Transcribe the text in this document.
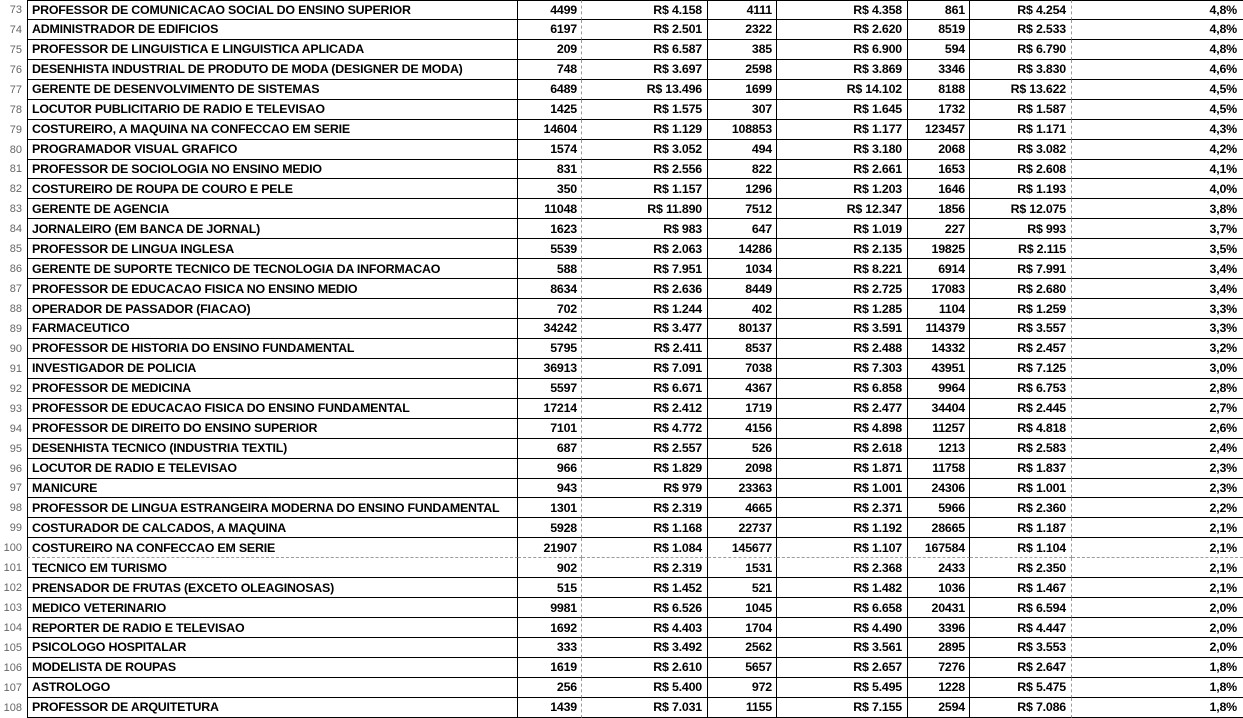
73 PROFESSOR DE COMUNICACAO SOCIAL DO ENSINO SUPERIOR	4499	R$ 4.158	4111	R$ 4.358	861	R$ 4.254	4,8%
74 ADMINISTRADOR DE EDIFICIOS	6197	R$ 2.501	2322	R$ 2.620	8519	R$ 2.533	4,8%
75 PROFESSOR DE LINGUISTICA E LINGUISTICA APLICADA	209	R$ 6.587	385	R$ 6.900	594	R$ 6.790	4,8%
76 DESENHISTA INDUSTRIAL DE PRODUTO DE MODA (DESIGNER DE MODA)	748	R$ 3.697	2598	R$ 3.869	3346	R$ 3.830	4,6%
77 GERENTE DE DESENVOLVIMENTO DE SISTEMAS	6489	R$ 13.496	1699	R$ 14.102	8188	R$ 13.622	4,5%
78 LOCUTOR PUBLICITARIO DE RADIO E TELEVISAO	1425	R$ 1.575	307	R$ 1.645	1732	R$ 1.587	4,5%
79 COSTUREIRO, A MAQUINA NA CONFECCAO EM SERIE	14604	R$ 1.129	108853	R$ 1.177	123457	R$ 1.171	4,3%
80 PROGRAMADOR VISUAL GRAFICO	1574	R$ 3.052	494	R$ 3.180	2068	R$ 3.082	4,2%
81 PROFESSOR DE SOCIOLOGIA NO ENSINO MEDIO	831	R$ 2.556	822	R$ 2.661	1653	R$ 2.608	4,1%
82 COSTUREIRO DE ROUPA DE COURO E PELE	350	R$ 1.157	1296	R$ 1.203	1646	R$ 1.193	4,0%
83 GERENTE DE AGENCIA	11048	R$ 11.890	7512	R$ 12.347	1856	R$ 12.075	3,8%
84 JORNALEIRO (EM BANCA DE JORNAL)	1623	R$ 983	647	R$ 1.019	227	R$ 993	3,7%
85 PROFESSOR DE LINGUA INGLESA	5539	R$ 2.063	14286	R$ 2.135	19825	R$ 2.115	3,5%
86 GERENTE DE SUPORTE TECNICO DE TECNOLOGIA DA INFORMACAO	588	R$ 7.951	1034	R$ 8.221	6914	R$ 7.991	3,4%
87 PROFESSOR DE EDUCACAO FISICA NO ENSINO MEDIO	8634	R$ 2.636	8449	R$ 2.725	17083	R$ 2.680	3,4%
88 OPERADOR DE PASSADOR (FIACAO)	702	R$ 1.244	402	R$ 1.285	1104	R$ 1.259	3,3%
89 FARMACEUTICO	34242	R$ 3.477	80137	R$ 3.591	114379	R$ 3.557	3,3%
90 PROFESSOR DE HISTORIA DO ENSINO FUNDAMENTAL	5795	R$ 2.411	8537	R$ 2.488	14332	R$ 2.457	3,2%
91 INVESTIGADOR DE POLICIA	36913	R$ 7.091	7038	R$ 7.303	43951	R$ 7.125	3,0%
92 PROFESSOR DE MEDICINA	5597	R$ 6.671	4367	R$ 6.858	9964	R$ 6.753	2,8%
93 PROFESSOR DE EDUCACAO FISICA DO ENSINO FUNDAMENTAL	17214	R$ 2.412	1719	R$ 2.477	34404	R$ 2.445	2,7%
94 PROFESSOR DE DIREITO DO ENSINO SUPERIOR	7101	R$ 4.772	4156	R$ 4.898	11257	R$ 4.818	2,6%
95 DESENHISTA TECNICO (INDUSTRIA TEXTIL)	687	R$ 2.557	526	R$ 2.618	1213	R$ 2.583	2,4%
96 LOCUTOR DE RADIO E TELEVISAO	966	R$ 1.829	2098	R$ 1.871	11758	R$ 1.837	2,3%
97 MANICURE	943	R$ 979	23363	R$ 1.001	24306	R$ 1.001	2,3%
98 PROFESSOR DE LINGUA ESTRANGEIRA MODERNA DO ENSINO FUNDAMENTAL	1301	R$ 2.319	4665	R$ 2.371	5966	R$ 2.360	2,2%
99 COSTURADOR DE CALCADOS, A MAQUINA	5928	R$ 1.168	22737	R$ 1.192	28665	R$ 1.187	2,1%
100 COSTUREIRO NA CONFECCAO EM SERIE	21907	R$ 1.084	145677	R$ 1.107	167584	R$ 1.104	2,1%
101 TECNICO EM TURISMO	902	R$ 2.319	1531	R$ 2.368	2433	R$ 2.350	2,1%
102 PRENSADOR DE FRUTAS (EXCETO OLEAGINOSAS)	515	R$ 1.452	521	R$ 1.482	1036	R$ 1.467	2,1%
103 MEDICO VETERINARIO	9981	R$ 6.526	1045	R$ 6.658	20431	R$ 6.594	2,0%
104 REPORTER DE RADIO E TELEVISAO	1692	R$ 4.403	1704	R$ 4.490	3396	R$ 4.447	2,0%
105 PSICOLOGO HOSPITALAR	333	R$ 3.492	2562	R$ 3.561	2895	R$ 3.553	2,0%
106 MODELISTA DE ROUPAS	1619	R$ 2.610	5657	R$ 2.657	7276	R$ 2.647	1,8%
107 ASTROLOGO	256	R$ 5.400	972	R$ 5.495	1228	R$ 5.475	1,8%
108 PROFESSOR DE ARQUITETURA	1439	R$ 7.031	1155	R$ 7.155	2594	R$ 7.086	1,8%
